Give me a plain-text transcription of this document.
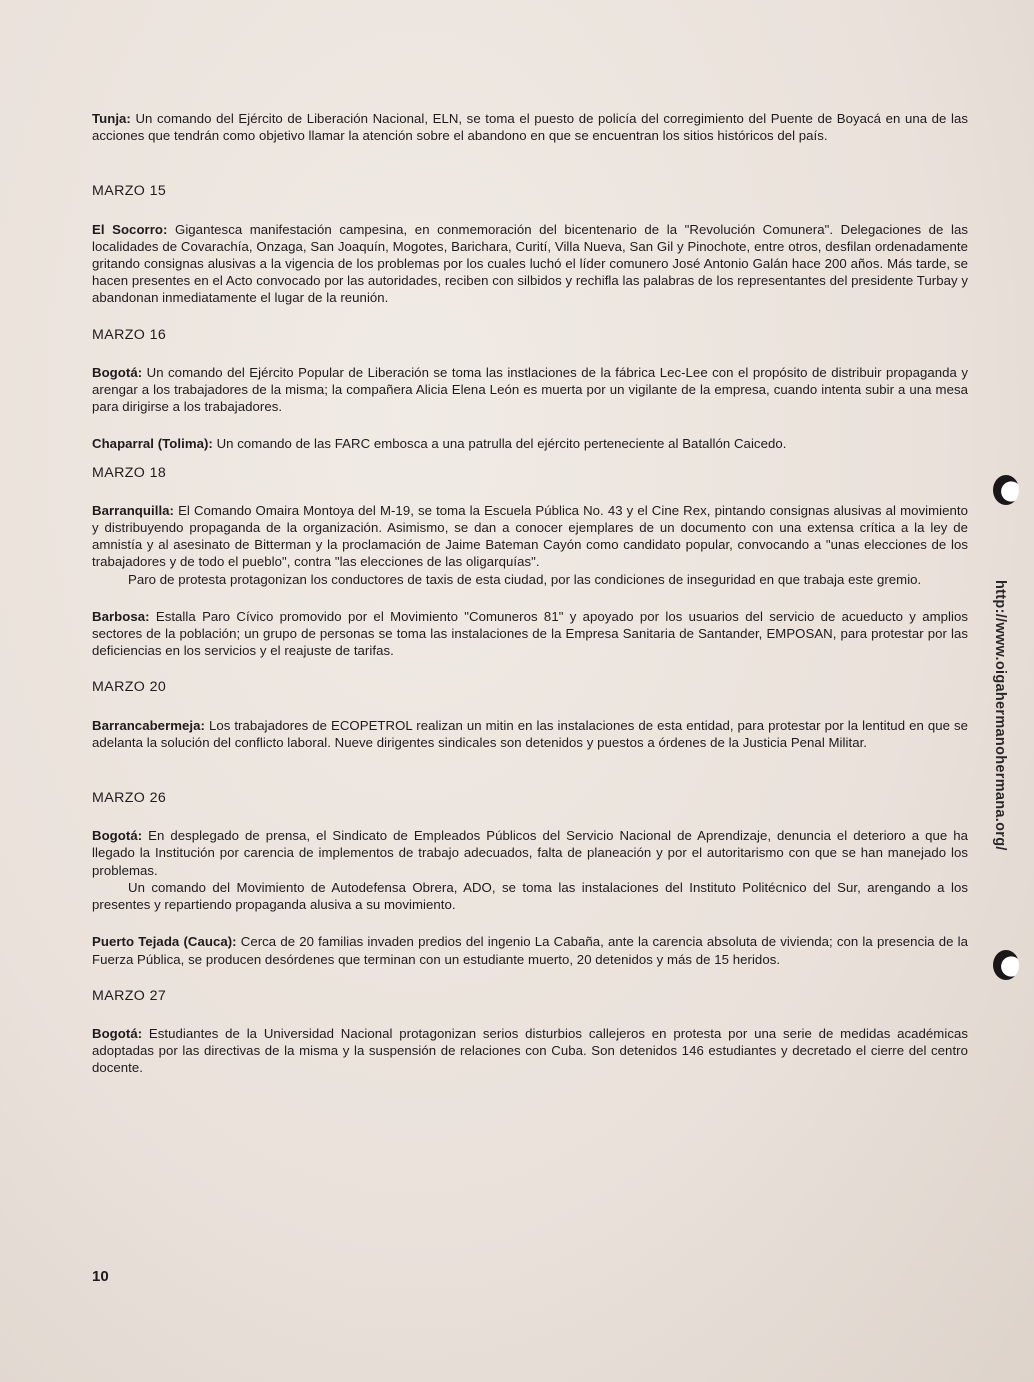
Tunja: Un comando del Ejército de Liberación Nacional, ELN, se toma el puesto de policía del corregimiento del Puente de Boyacá en una de las acciones que tendrán como objetivo llamar la atención sobre el abandono en que se encuentran los sitios históricos del país.

MARZO 15

El Socorro: Gigantesca manifestación campesina, en conmemoración del bicentenario de la "Revolución Comunera". Delegaciones de las localidades de Covarachía, Onzaga, San Joaquín, Mogotes, Barichara, Curití, Villa Nueva, San Gil y Pinochote, entre otros, desfilan ordenadamente gritando consignas alusivas a la vigencia de los problemas por los cuales luchó el líder comunero José Antonio Galán hace 200 años. Más tarde, se hacen presentes en el Acto convocado por las autoridades, reciben con silbidos y rechifla las palabras de los representantes del presidente Turbay y abandonan inmediatamente el lugar de la reunión.

MARZO 16

Bogotá: Un comando del Ejército Popular de Liberación se toma las instlaciones de la fábrica Lec-Lee con el propósito de distribuir propaganda y arengar a los trabajadores de la misma; la compañera Alicia Elena León es muerta por un vigilante de la empresa, cuando intenta subir a una mesa para dirigirse a los trabajadores.

Chaparral (Tolima): Un comando de las FARC embosca a una patrulla del ejército perteneciente al Batallón Caicedo.

MARZO 18

Barranquilla: El Comando Omaira Montoya del M-19, se toma la Escuela Pública No. 43 y el Cine Rex, pintando consignas alusivas al movimiento y distribuyendo propaganda de la organización. Asimismo, se dan a conocer ejemplares de un documento con una extensa crítica a la ley de amnistía y al asesinato de Bitterman y la proclamación de Jaime Bateman Cayón como candidato popular, convocando a "unas elecciones de los trabajadores y de todo el pueblo", contra "las elecciones de las oligarquías".

Paro de protesta protagonizan los conductores de taxis de esta ciudad, por las condiciones de inseguridad en que trabaja este gremio.

Barbosa: Estalla Paro Cívico promovido por el Movimiento "Comuneros 81" y apoyado por los usuarios del servicio de acueducto y amplios sectores de la población; un grupo de personas se toma las instalaciones de la Empresa Sanitaria de Santander, EMPOSAN, para protestar por las deficiencias en los servicios y el reajuste de tarifas.

MARZO 20

Barrancabermeja: Los trabajadores de ECOPETROL realizan un mitin en las instalaciones de esta entidad, para protestar por la lentitud en que se adelanta la solución del conflicto laboral. Nueve dirigentes sindicales son detenidos y puestos a órdenes de la Justicia Penal Militar.

MARZO 26

Bogotá: En desplegado de prensa, el Sindicato de Empleados Públicos del Servicio Nacional de Aprendizaje, denuncia el deterioro a que ha llegado la Institución por carencia de implementos de trabajo adecuados, falta de planeación y por el autoritarismo con que se han manejado los problemas.

Un comando del Movimiento de Autodefensa Obrera, ADO, se toma las instalaciones del Instituto Politécnico del Sur, arengando a los presentes y repartiendo propaganda alusiva a su movimiento.

Puerto Tejada (Cauca): Cerca de 20 familias invaden predios del ingenio La Cabaña, ante la carencia absoluta de vivienda; con la presencia de la Fuerza Pública, se producen desórdenes que terminan con un estudiante muerto, 20 detenidos y más de 15 heridos.

MARZO 27

Bogotá: Estudiantes de la Universidad Nacional protagonizan serios disturbios callejeros en protesta por una serie de medidas académicas adoptadas por las directivas de la misma y la suspensión de relaciones con Cuba. Son detenidos 146 estudiantes y decretado el cierre del centro docente.

10
http://www.oigahermanohermana.org/
